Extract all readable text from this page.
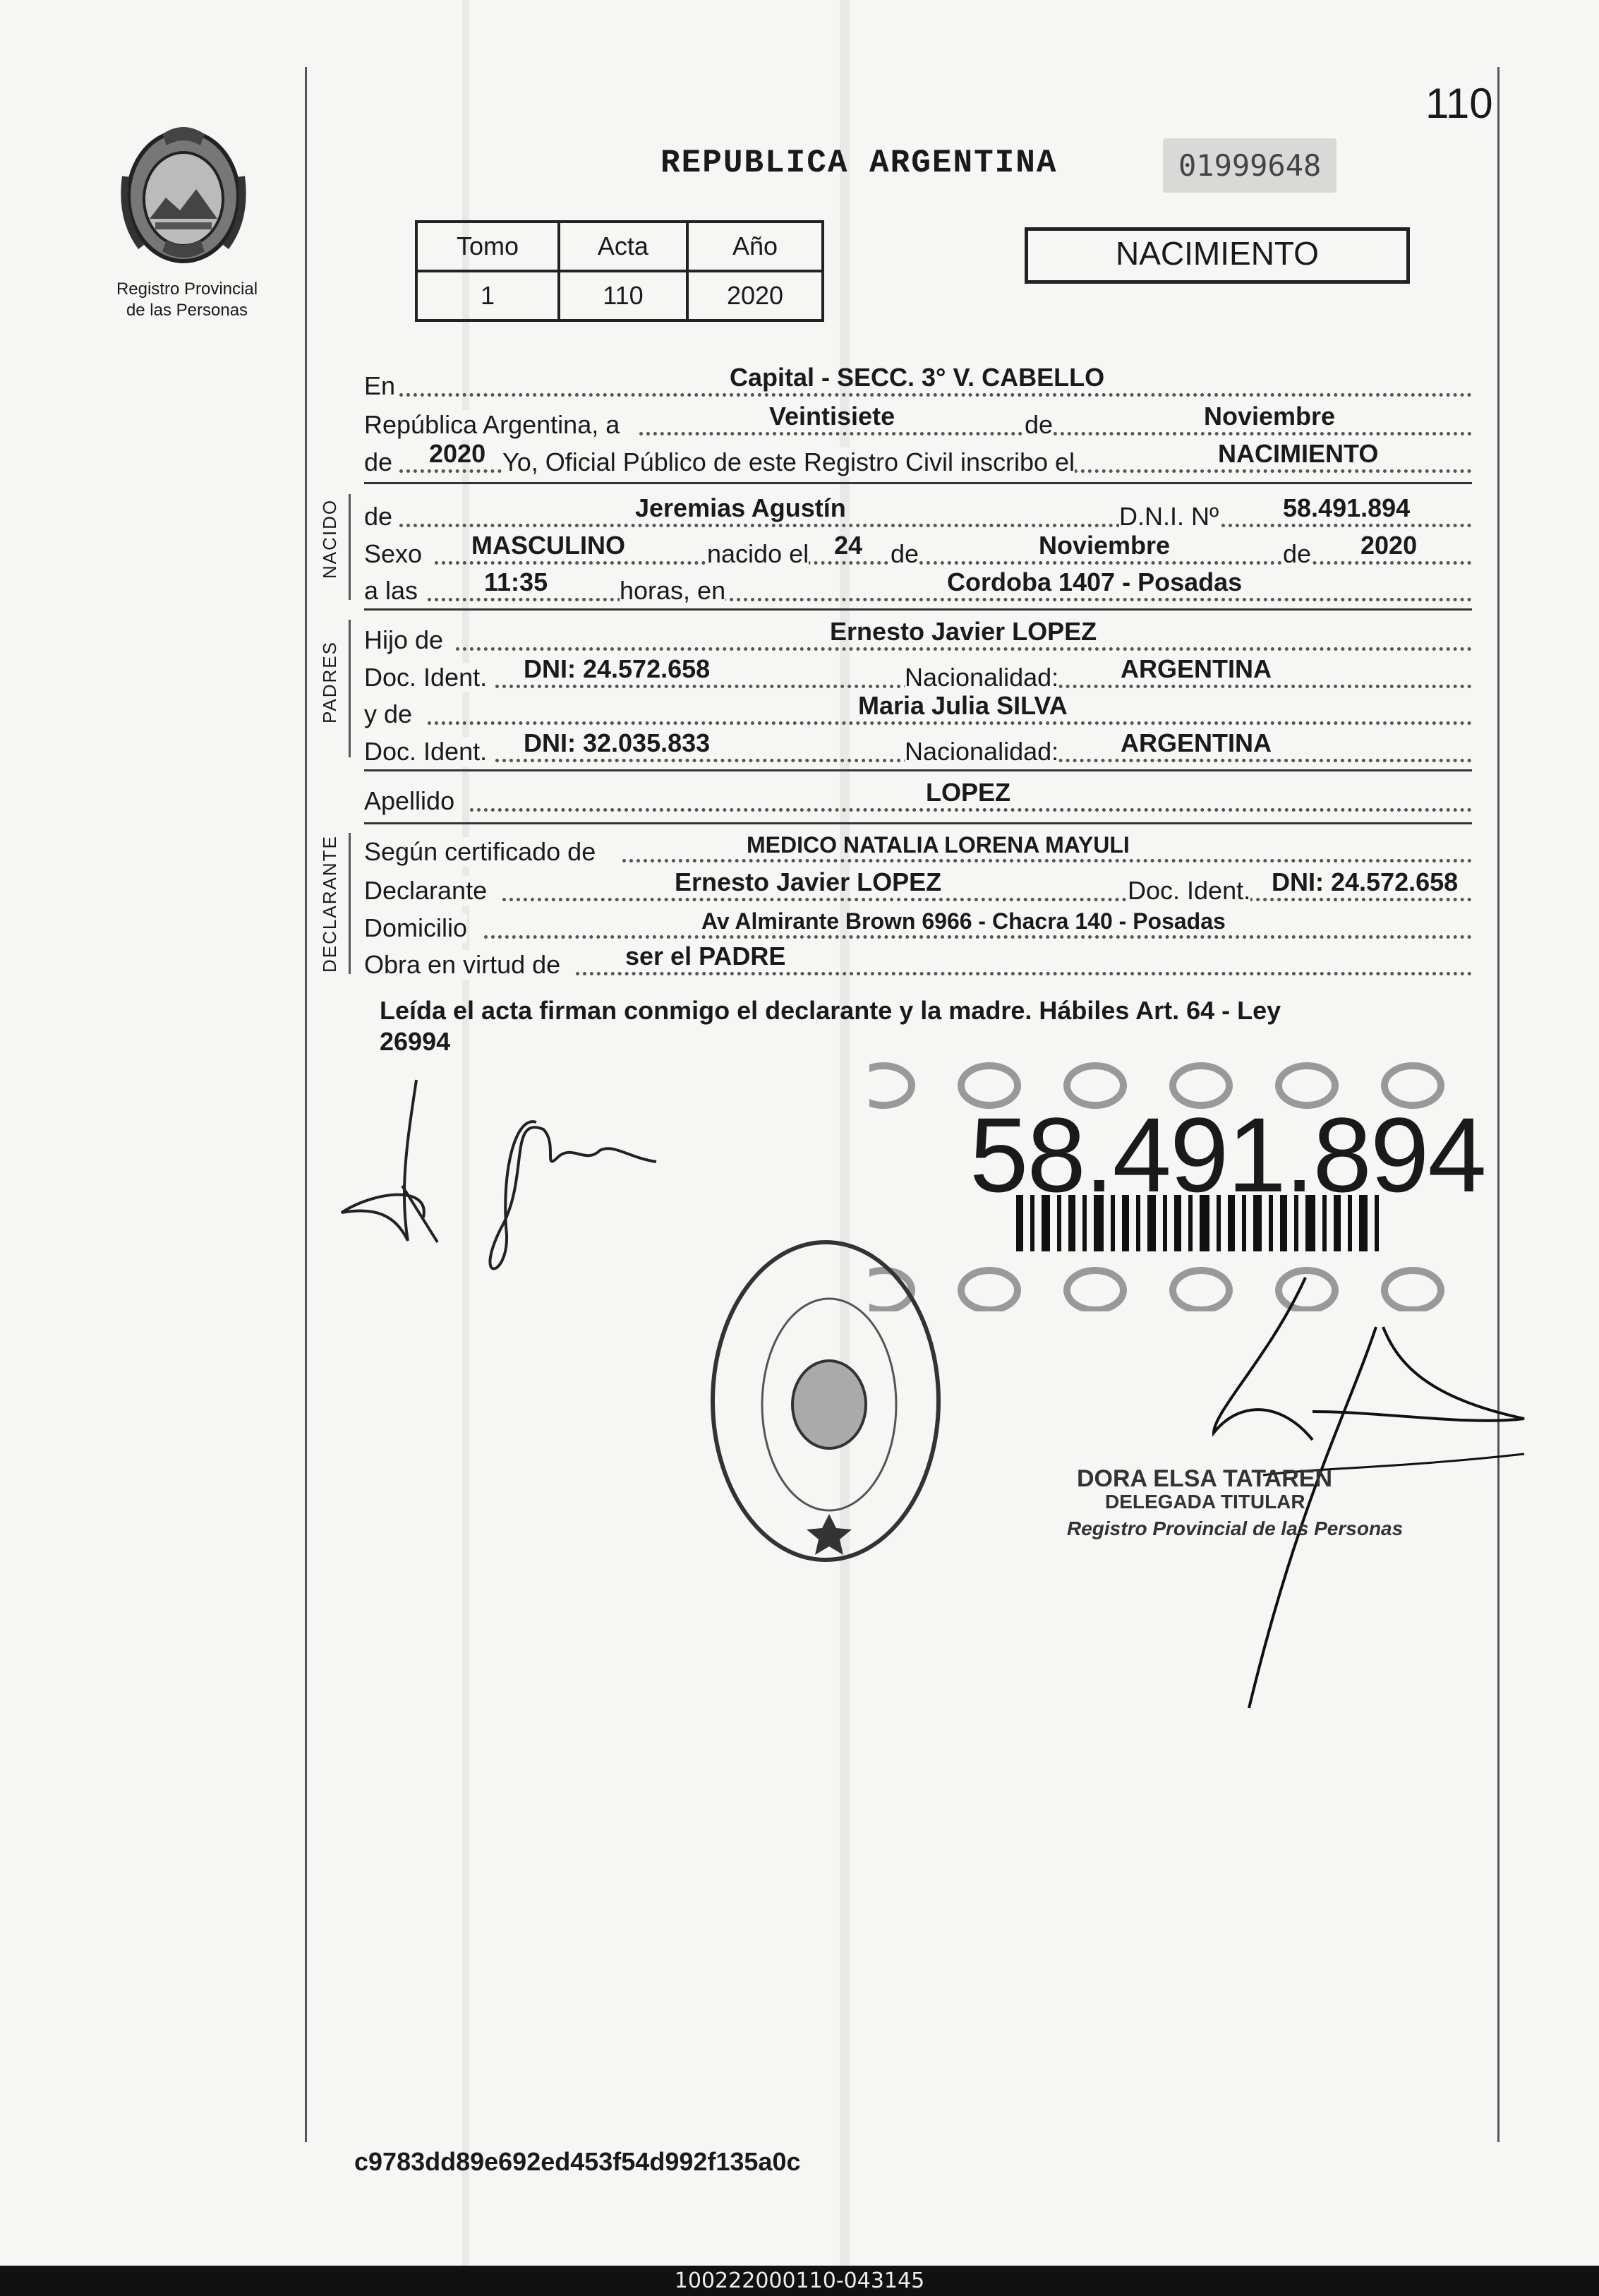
Registro Provincial
de las Personas
110
REPUBLICA ARGENTINA	01999648
Tomo	Acta	Año
1	110	2020
NACIMIENTO
En	Capital - SECC. 3° V. CABELLO
República Argentina, a	Veintisiete	de	Noviembre
de 2020 Yo, Oficial Público de este Registro Civil inscribo el	NACIMIENTO
NACIDO de	Jeremias Agustín	D.N.I. Nº	58.491.894
Sexo MASCULINO	nacido el 24 de	Noviembre	de 2020
a las	11:35	horas, en	Cordoba 1407 - Posadas
PADRES
Hijo de	Ernesto Javier LOPEZ
Doc. Ident. DNI: 24.572.658	Nacionalidad: ARGENTINA
y de	Maria Julia SILVA
Doc. Ident. DNI: 32.035.833	Nacionalidad: ARGENTINA
Apellido	LOPEZ
DECLARANTE Según certificado de	MEDICO NATALIA LORENA MAYULI
Declarante	Ernesto Javier LOPEZ	Doc. Ident. DNI: 24.572.658
Domicilio	Av Almirante Brown 6966 - Chacra 140 - Posadas
Obra en virtud de	ser el PADRE
Leída el acta firman conmigo el declarante y la madre. Hábiles Art. 64 - Ley
26994
58.491.894
DORA ELSA TATAREN
DELEGADA TITULAR
Registro Provincial de las Personas
c9783dd89e692ed453f54d992f135a0c
100222000110-043145
